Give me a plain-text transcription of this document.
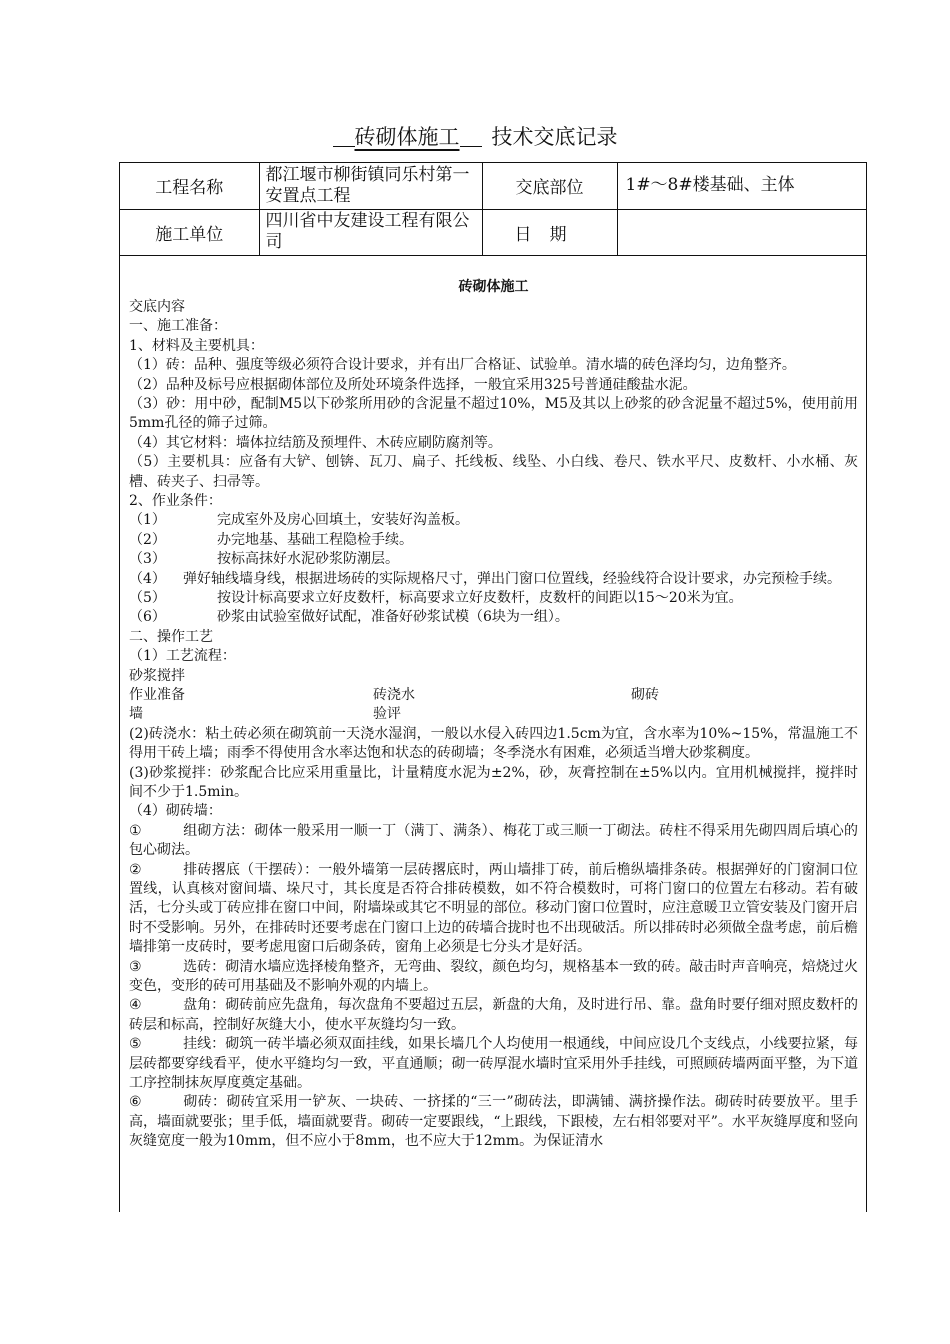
砖砌体施工 技术交底记录
工程名称	都江堰市柳街镇同乐村第一安置点工程	交底部位	1#～8#楼基础、主体
施工单位	四川省中友建设工程有限公司	日期	
砖砌体施工
交底内容
一、施工准备：
1、材料及主要机具：
（1）砖：品种、强度等级必须符合设计要求，并有出厂合格证、试验单。清水墙的砖色泽均匀，边角整齐。
（2）品种及标号应根据砌体部位及所处环境条件选择，一般宜采用325号普通硅酸盐水泥。
（3）砂：用中砂，配制M5以下砂浆所用砂的含泥量不超过10%，M5及其以上砂浆的砂含泥量不超过5%，使用前用5mm孔径的筛子过筛。
（4）其它材料：墙体拉结筋及预埋件、木砖应刷防腐剂等。
（5）主要机具：应备有大铲、刨锛、瓦刀、扁子、托线板、线坠、小白线、卷尺、铁水平尺、皮数杆、小水桶、灰槽、砖夹子、扫帚等。
2、作业条件：
（1）	完成室外及房心回填土，安装好沟盖板。
（2）	办完地基、基础工程隐检手续。
（3）	按标高抹好水泥砂浆防潮层。
（4） 弹好轴线墙身线，根据进场砖的实际规格尺寸，弹出门窗口位置线，经验线符合设计要求，办完预检手续。
（5）	按设计标高要求立好皮数杆，标高要求立好皮数杆，皮数杆的间距以15～20米为宜。
（6）	砂浆由试验室做好试配，准备好砂浆试模（6块为一组）。
二、操作工艺
（1）工艺流程：
砂浆搅拌
作业准备	砖浇水	砌砖
墙	验评
(2)砖浇水：粘土砖必须在砌筑前一天浇水湿润，一般以水侵入砖四边1.5cm为宜，含水率为10%~15%，常温施工不得用干砖上墙；雨季不得使用含水率达饱和状态的砖砌墙；冬季浇水有困难，必须适当增大砂浆稠度。
(3)砂浆搅拌：砂浆配合比应采用重量比，计量精度水泥为±2%，砂，灰膏控制在±5%以内。宜用机械搅拌，搅拌时间不少于1.5min。
（4）砌砖墙：
①	组砌方法：砌体一般采用一顺一丁（满丁、满条）、梅花丁或三顺一丁砌法。砖柱不得采用先砌四周后填心的包心砌法。
②	排砖撂底（干摆砖）：一般外墙第一层砖撂底时，两山墙排丁砖，前后檐纵墙排条砖。根据弹好的门窗洞口位置线，认真核对窗间墙、垛尺寸，其长度是否符合排砖模数，如不符合模数时，可将门窗口的位置左右移动。若有破活，七分头或丁砖应排在窗口中间，附墙垛或其它不明显的部位。移动门窗口位置时，应注意暖卫立管安装及门窗开启时不受影响。另外，在排砖时还要考虑在门窗口上边的砖墙合拢时也不出现破活。所以排砖时必须做全盘考虑，前后檐墙排第一皮砖时，要考虑甩窗口后砌条砖，窗角上必须是七分头才是好活。
③	选砖：砌清水墙应选择棱角整齐，无弯曲、裂纹，颜色均匀，规格基本一致的砖。敲击时声音响亮，焙烧过火变色，变形的砖可用基础及不影响外观的内墙上。
④	盘角：砌砖前应先盘角，每次盘角不要超过五层，新盘的大角，及时进行吊、靠。盘角时要仔细对照皮数杆的砖层和标高，控制好灰缝大小，使水平灰缝均匀一致。
⑤	挂线：砌筑一砖半墙必须双面挂线，如果长墙几个人均使用一根通线，中间应设几个支线点，小线要拉紧，每层砖都要穿线看平，使水平缝均匀一致，平直通顺；砌一砖厚混水墙时宜采用外手挂线，可照顾砖墙两面平整，为下道工序控制抹灰厚度奠定基础。
⑥	砌砖：砌砖宜采用一铲灰、一块砖、一挤揉的“三一”砌砖法，即满铺、满挤操作法。砌砖时砖要放平。里手高，墙面就要张；里手低，墙面就要背。砌砖一定要跟线，“上跟线，下跟棱，左右相邻要对平”。水平灰缝厚度和竖向灰缝宽度一般为10mm，但不应小于8mm，也不应大于12mm。为保证清水
